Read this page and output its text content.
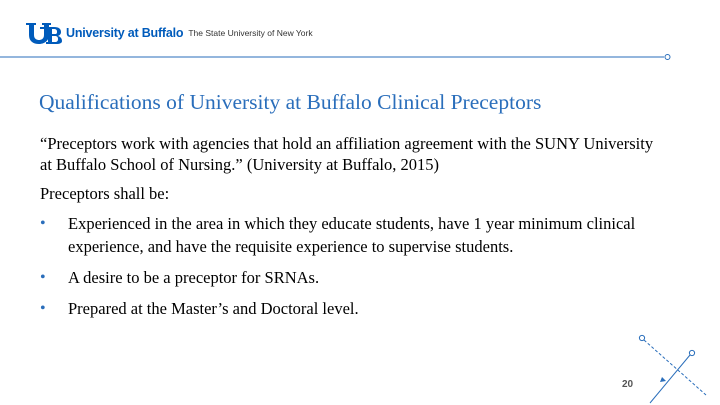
University at Buffalo The State University of New York
Qualifications of University at Buffalo Clinical Preceptors

“Preceptors work with agencies that hold an affiliation agreement with the SUNY University at Buffalo School of Nursing.” (University at Buffalo, 2015)

Preceptors shall be:

• Experienced in the area in which they educate students, have 1 year minimum clinical experience, and have the requisite experience to supervise students.
• A desire to be a preceptor for SRNAs.
• Prepared at the Master’s and Doctoral level.
20
